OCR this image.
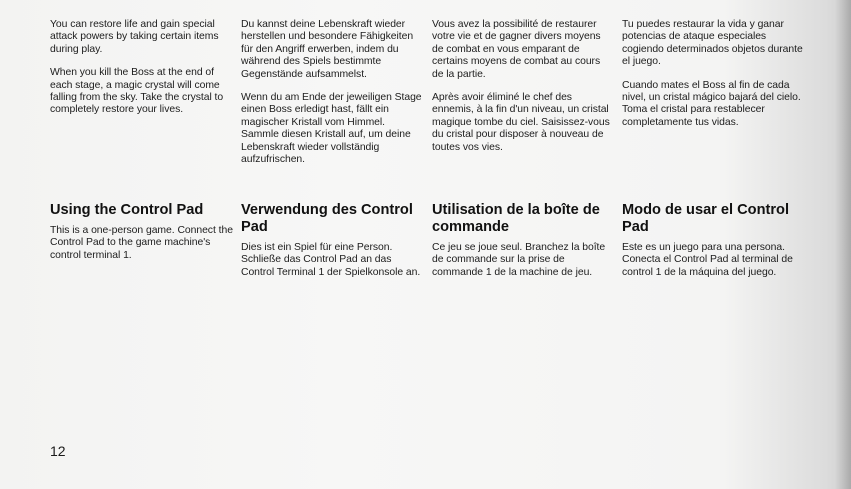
You can restore life and gain special attack powers by taking certain items during play.

When you kill the Boss at the end of each stage, a magic crystal will come falling from the sky. Take the crystal to completely restore your lives.

Du kannst deine Lebenskraft wieder herstellen und besondere Fähigkeiten für den Angriff erwerben, indem du während des Spiels bestimmte Gegenstände aufsammelst.

Wenn du am Ende der jeweiligen Stage einen Boss erledigt hast, fällt ein magischer Kristall vom Himmel. Sammle diesen Kristall auf, um deine Lebenskraft wieder vollständig aufzufrischen.

Vous avez la possibilité de restaurer votre vie et de gagner divers moyens de combat en vous emparant de certains moyens de combat au cours de la partie.

Après avoir éliminé le chef des ennemis, à la fin d'un niveau, un cristal magique tombe du ciel. Saisissez-vous du cristal pour disposer à nouveau de toutes vos vies.

Tu puedes restaurar la vida y ganar potencias de ataque especiales cogiendo determinados objetos durante el juego.

Cuando mates el Boss al fin de cada nivel, un cristal mágico bajará del cielo. Toma el cristal para restablecer completamente tus vidas.

Using the Control Pad

This is a one-person game. Connect the Control Pad to the game machine's control terminal 1.

Verwendung des Control Pad

Dies ist ein Spiel für eine Person. Schließe das Control Pad an das Control Terminal 1 der Spielkonsole an.

Utilisation de la boîte de commande

Ce jeu se joue seul. Branchez la boîte de commande sur la prise de commande 1 de la machine de jeu.

Modo de usar el Control Pad

Este es un juego para una persona. Conecta el Control Pad al terminal de control 1 de la máquina del juego.

12
